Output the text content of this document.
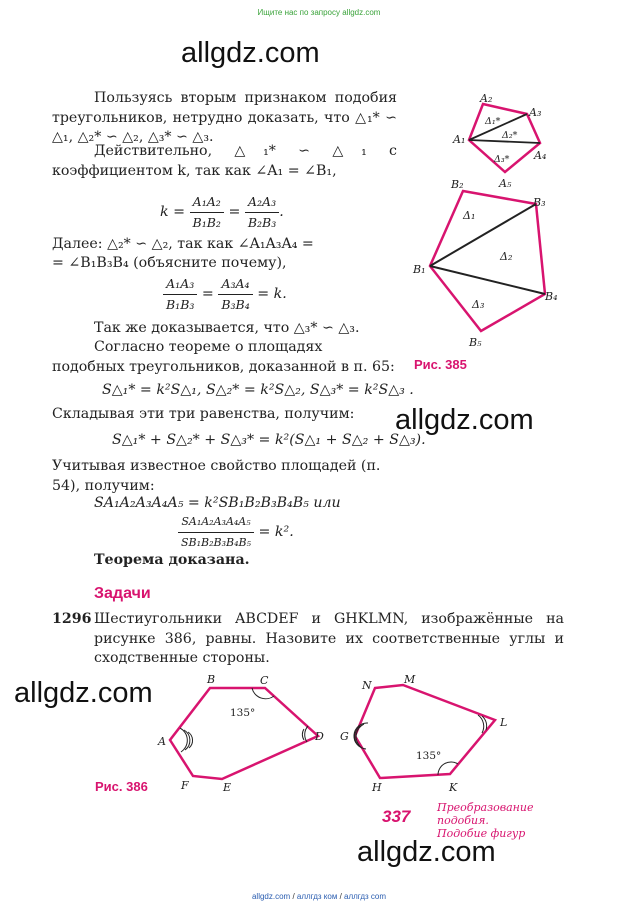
Ищите нас по запросу allgdz.com
allgdz.com
allgdz.com
allgdz.com
allgdz.com
Пользуясь вторым признаком подобия треугольников, нетрудно доказать, что △₁* ∽ △₁, △₂* ∽ △₂, △₃* ∽ △₃.
Действительно, △₁* ∽ △₁ с коэффициентом k, так как ∠A₁ = ∠B₁,
$k = \frac{\text{A₁A₂}}{\text{B₁B₂}} = \frac{\text{A₂A₃}}{\text{B₂B₃}}$ .
Далее: △₂* ∽ △₂, так как ∠A₁A₃A₄ =
= ∠B₁B₃B₄ (объясните почему),
$\frac{\text{A₁A₃}}{\text{B₁B₃}} = \frac{\text{A₃A₄}}{\text{B₃B₄}} = k$.
Так же доказывается, что △₃* ∽ △₃.
Согласно теореме о площадях подобных треугольников, доказанной в п. 65:
S△₁* = k²S△₁, S△₂* = k²S△₂, S△₃* = k²S△₃ .
Складывая эти три равенства, получим:
S△₁* + S△₂* + S△₃* = k²(S△₁ + S△₂ + S△₃).
Учитывая известное свойство площадей (п. 54), получим:
SA₁A₂A₃A₄A₅ = k²SB₁B₂B₃B₄B₅ или
$\frac{\text{SA₁A₂A₃A₄A₅}}{\text{SB₁B₂B₃B₄B₅}} = k^2$.
Теорема доказана.
Задачи
1296 Шестиугольники ABCDEF и GHKLMN, изображённые на рисунке 386, равны. Назовите их соответственные углы и сходственные стороны.
A₂
A₃
A₁
A₄
A₅
Δ₁*
Δ₂*
Δ₃*
B₂
B₃
B₁
B₄
B₅
Δ₁
Δ₂
Δ₃
Рис. 385
B	C
A	D
E
F
135°
N	M
G
L
H	K
135°
Рис. 386
337 Преобразование
подобия.
Подобие фигур
allgdz.com / аллгдз ком / аллгдз com
